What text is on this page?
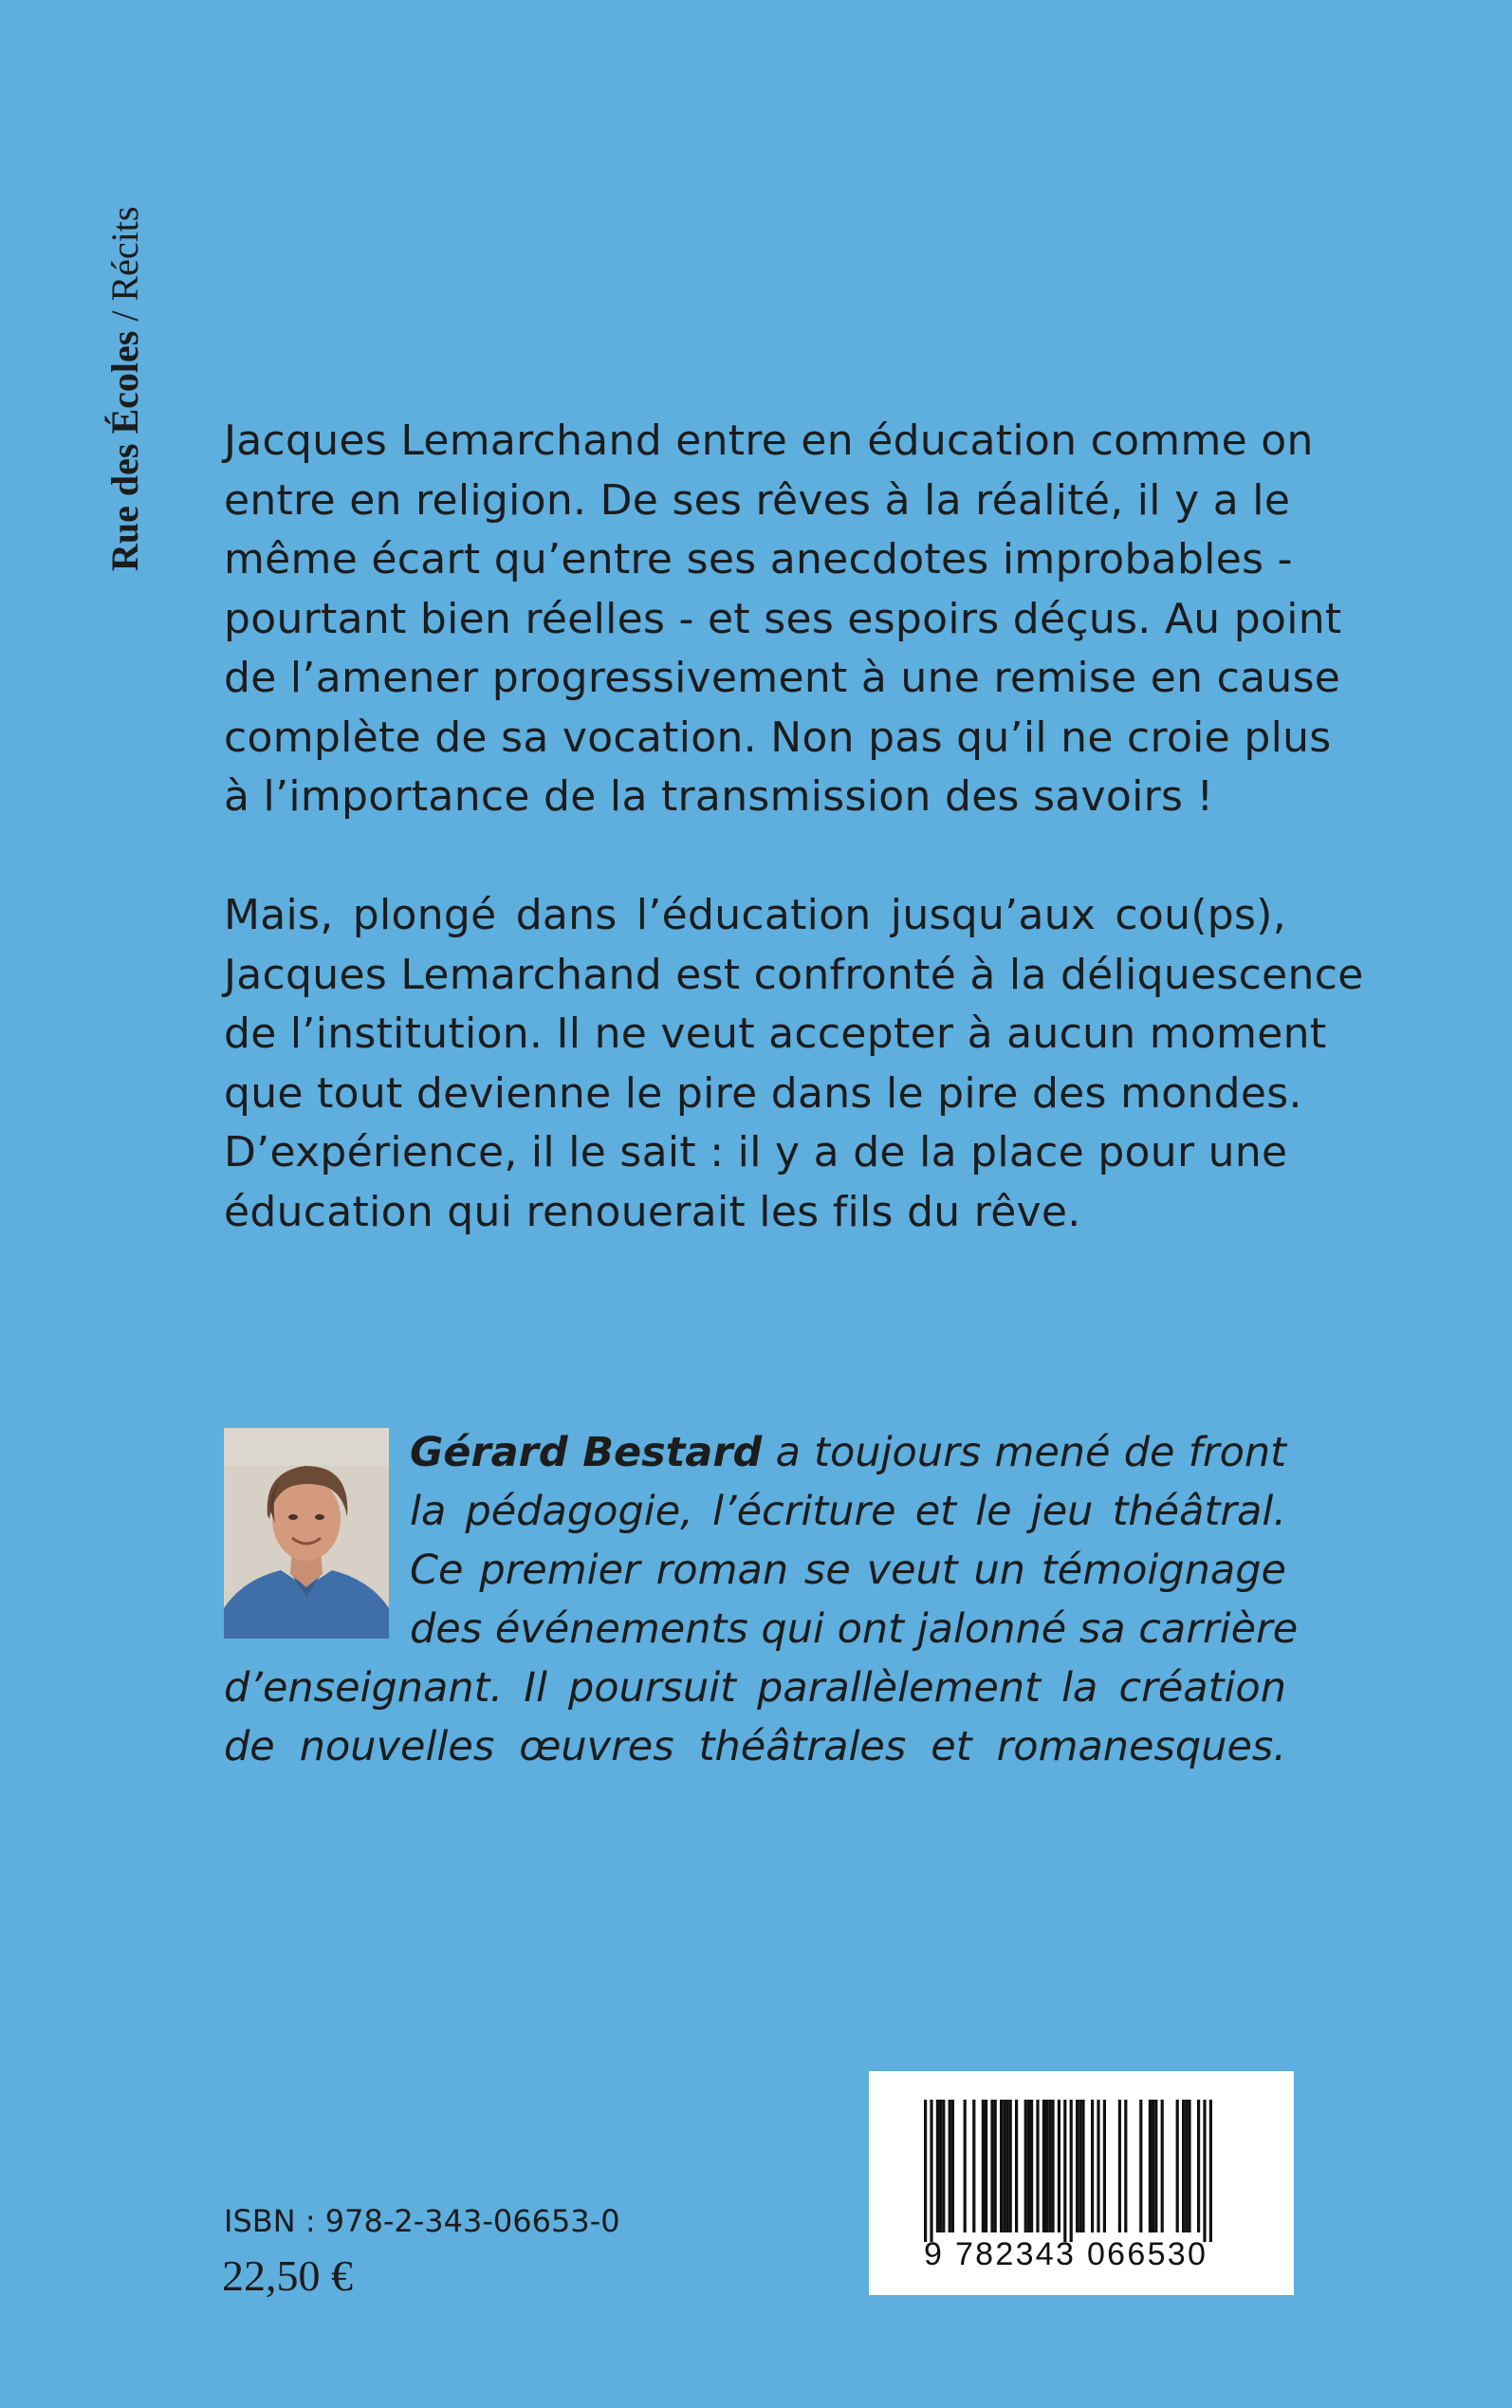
Rue des Écoles / Récits
Jacques Lemarchand entre en éducation comme on
entre en religion. De ses rêves à la réalité, il y a le
même écart qu’entre ses anecdotes improbables -
pourtant bien réelles - et ses espoirs déçus. Au point
de l’amener progressivement à une remise en cause
complète de sa vocation. Non pas qu’il ne croie plus
à l’importance de la transmission des savoirs !
Mais, plongé dans l’éducation jusqu’aux cou(ps),
Jacques Lemarchand est confronté à la déliquescence
de l’institution. Il ne veut accepter à aucun moment
que tout devienne le pire dans le pire des mondes.
D’expérience, il le sait : il y a de la place pour une
éducation qui renouerait les fils du rêve.
Gérard Bestard a toujours mené de front
la pédagogie, l’écriture et le jeu théâtral.
Ce premier roman se veut un témoignage
des événements qui ont jalonné sa carrière
d’enseignant. Il poursuit parallèlement la création
de nouvelles œuvres théâtrales et romanesques.
9 782343 066530
ISBN : 978-2-343-06653-0
22,50 €
